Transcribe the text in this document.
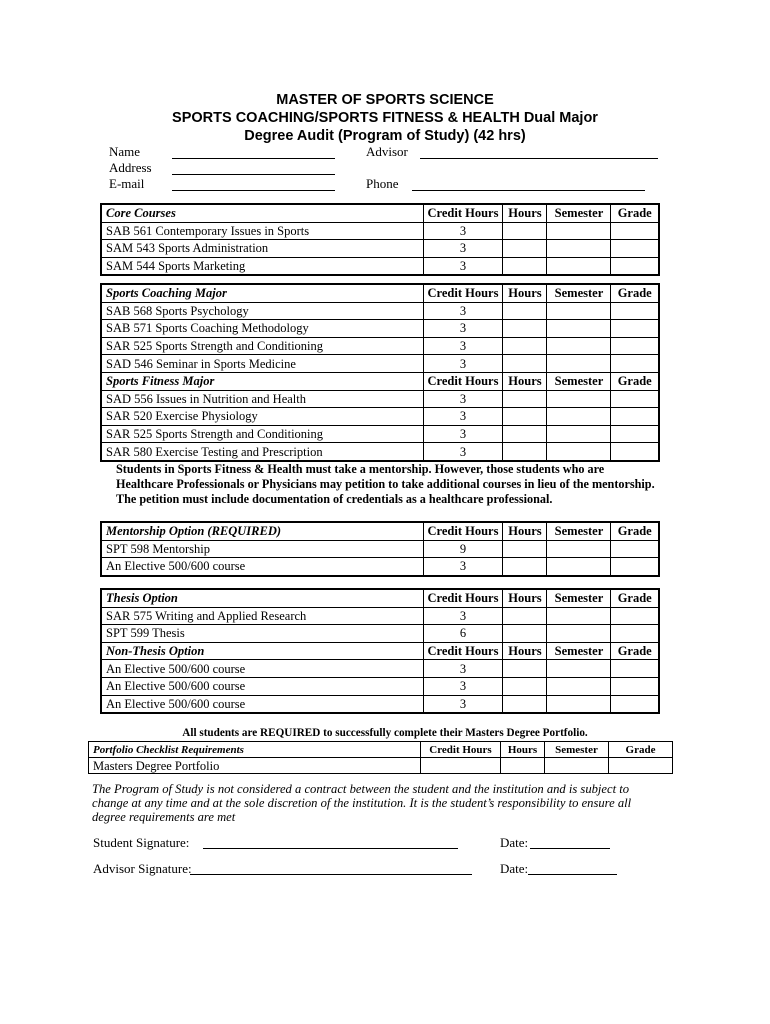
MASTER OF SPORTS SCIENCE
SPORTS COACHING/SPORTS FITNESS & HEALTH Dual Major
Degree Audit (Program of Study) (42 hrs)
Name	Advisor
Address
E-mail	Phone
Core Courses	Credit Hours	Hours	Semester	Grade
SAB 561 Contemporary Issues in Sports	3			
SAM 543 Sports Administration	3			
SAM 544 Sports Marketing	3			
Sports Coaching Major	Credit Hours	Hours	Semester	Grade
SAB 568 Sports Psychology	3			
SAB 571 Sports Coaching Methodology	3			
SAR 525 Sports Strength and Conditioning	3			
SAD 546 Seminar in Sports Medicine	3			
Sports Fitness Major	Credit Hours	Hours	Semester	Grade
SAD 556 Issues in Nutrition and Health	3			
SAR 520 Exercise Physiology	3			
SAR 525 Sports Strength and Conditioning	3			
SAR 580 Exercise Testing and Prescription	3			
Students in Sports Fitness & Health must take a mentorship. However, those students who are Healthcare Professionals or Physicians may petition to take additional courses in lieu of the mentorship. The petition must include documentation of credentials as a healthcare professional.
Mentorship Option (REQUIRED)	Credit Hours	Hours	Semester	Grade
SPT 598 Mentorship	9			
An Elective 500/600 course	3			
Thesis Option	Credit Hours	Hours	Semester	Grade
SAR 575 Writing and Applied Research	3			
SPT 599 Thesis	6			
Non-Thesis Option	Credit Hours	Hours	Semester	Grade
An Elective 500/600 course	3			
An Elective 500/600 course	3			
An Elective 500/600 course	3			
All students are REQUIRED to successfully complete their Masters Degree Portfolio.
Portfolio Checklist Requirements	Credit Hours	Hours	Semester	Grade
Masters Degree Portfolio				
The Program of Study is not considered a contract between the student and the institution and is subject to change at any time and at the sole discretion of the institution. It is the student’s responsibility to ensure all degree requirements are met
Student Signature:	Date:
Advisor Signature:	Date:
